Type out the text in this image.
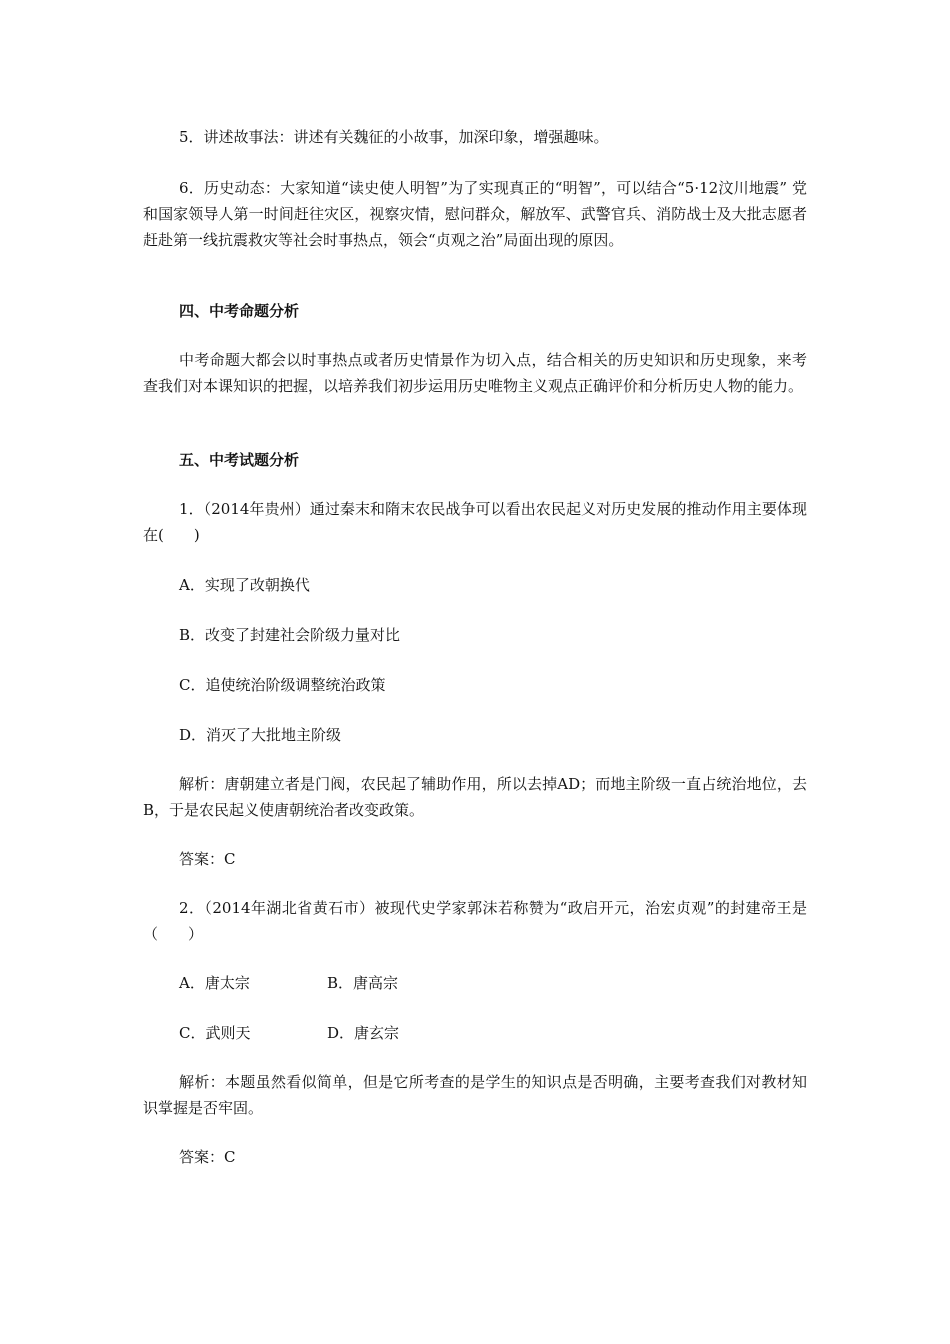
5．讲述故事法：讲述有关魏征的小故事，加深印象，增强趣味。

6．历史动态：大家知道“读史使人明智”为了实现真正的“明智”，可以结合“5·12汶川地震” 党和国家领导人第一时间赶往灾区，视察灾情，慰问群众，解放军、武警官兵、消防战士及大批志愿者赶赴第一线抗震救灾等社会时事热点，领会“贞观之治”局面出现的原因。

四、中考命题分析

中考命题大都会以时事热点或者历史情景作为切入点，结合相关的历史知识和历史现象，来考查我们对本课知识的把握，以培养我们初步运用历史唯物主义观点正确评价和分析历史人物的能力。

五、中考试题分析

1．（2014年贵州）通过秦末和隋末农民战争可以看出农民起义对历史发展的推动作用主要体现在(　　)

A．实现了改朝换代

B．改变了封建社会阶级力量对比

C．追使统治阶级调整统治政策

D．消灭了大批地主阶级

解析：唐朝建立者是门阀，农民起了辅助作用，所以去掉AD；而地主阶级一直占统治地位，去B，于是农民起义使唐朝统治者改变政策。

答案：C

2．（2014年湖北省黄石市）被现代史学家郭沫若称赞为“政启开元，治宏贞观”的封建帝王是（　　）

A．唐太宗	B．唐高宗

C．武则天	D．唐玄宗

解析：本题虽然看似简单，但是它所考查的是学生的知识点是否明确，主要考查我们对教材知识掌握是否牢固。

答案：C
